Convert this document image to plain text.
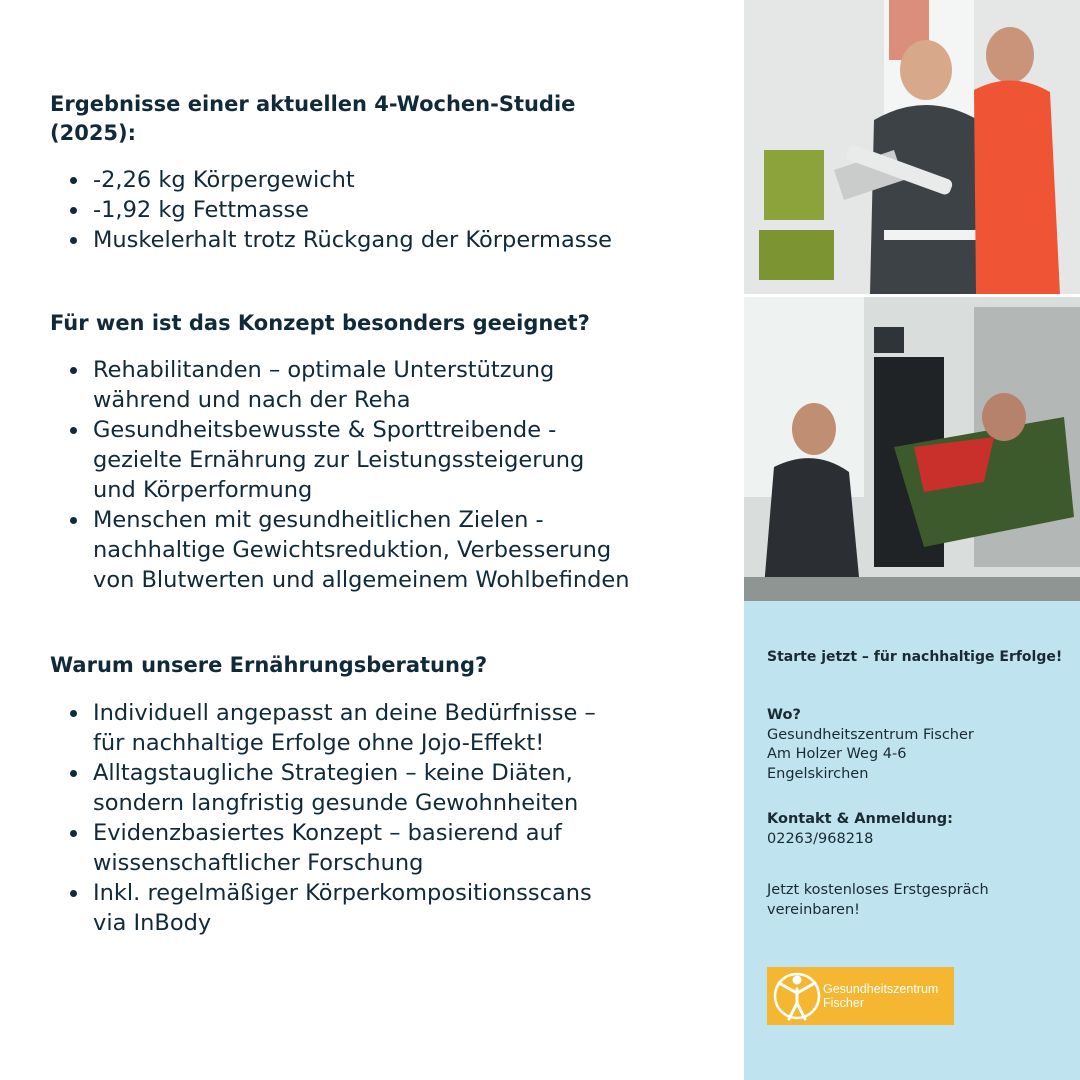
Ergebnisse einer aktuellen 4-Wochen-Studie (2025):
-2,26 kg Körpergewicht
-1,92 kg Fettmasse
Muskelerhalt trotz Rückgang der Körpermasse
Für wen ist das Konzept besonders geeignet?
Rehabilitanden – optimale Unterstützung während und nach der Reha
Gesundheitsbewusste & Sporttreibende - gezielte Ernährung zur Leistungssteigerung und Körperformung
Menschen mit gesundheitlichen Zielen - nachhaltige Gewichtsreduktion, Verbesserung von Blutwerten und allgemeinem Wohlbefinden
Warum unsere Ernährungsberatung?
Individuell angepasst an deine Bedürfnisse – für nachhaltige Erfolge ohne Jojo-Effekt!
Alltagstaugliche Strategien – keine Diäten, sondern langfristig gesunde Gewohnheiten
Evidenzbasiertes Konzept – basierend auf wissenschaftlicher Forschung
Inkl. regelmäßiger Körperkompositionsscans via InBody
Starte jetzt – für nachhaltige Erfolge!
Wo?
Gesundheitszentrum Fischer
Am Holzer Weg 4-6
Engelskirchen
Kontakt & Anmeldung:
02263/968218
Jetzt kostenloses Erstgespräch vereinbaren!
Gesundheitszentrum
Fischer
